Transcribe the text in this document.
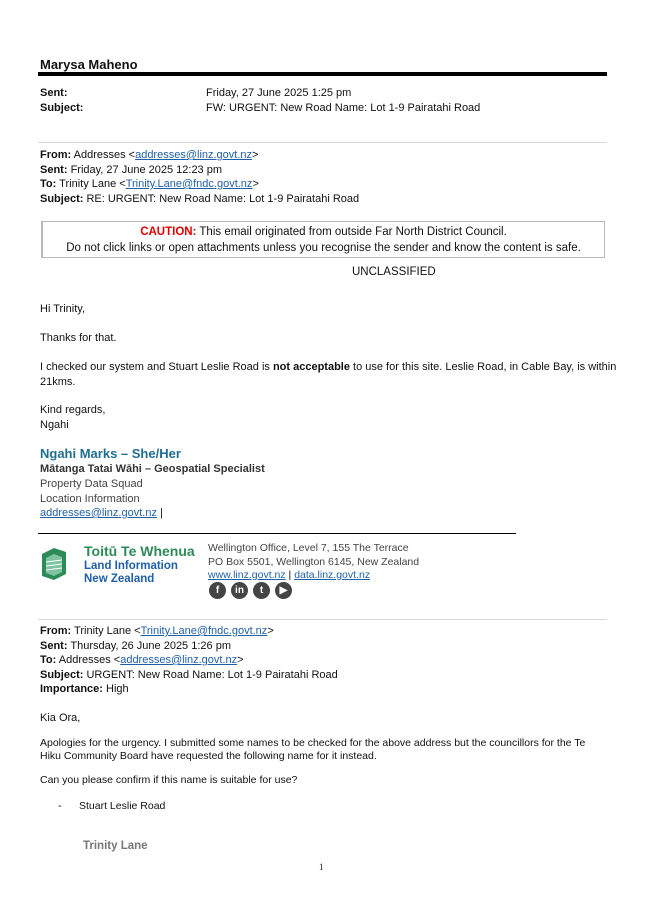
Marysa Maheno
Sent:	Friday, 27 June 2025 1:25 pm
Subject:	FW: URGENT: New Road Name: Lot 1-9 Pairatahi Road
From: Addresses <addresses@linz.govt.nz>
Sent: Friday, 27 June 2025 12:23 pm
To: Trinity Lane <Trinity.Lane@fndc.govt.nz>
Subject: RE: URGENT: New Road Name: Lot 1-9 Pairatahi Road
CAUTION: This email originated from outside Far North District Council.
Do not click links or open attachments unless you recognise the sender and know the content is safe.
UNCLASSIFIED
Hi Trinity,
Thanks for that.
I checked our system and Stuart Leslie Road is not acceptable to use for this site. Leslie Road, in Cable Bay, is within
21kms.
Kind regards,
Ngahi
Ngahi Marks – She/Her
Mātanga Tatai Wāhi – Geospatial Specialist
Property Data Squad
Location Information
addresses@linz.govt.nz |
Toitū Te Whenua
Land Information
New Zealand
Wellington Office, Level 7, 155 The Terrace
PO Box 5501, Wellington 6145, New Zealand
www.linz.govt.nz | data.linz.govt.nz
f in t ▶
From: Trinity Lane <Trinity.Lane@fndc.govt.nz>
Sent: Thursday, 26 June 2025 1:26 pm
To: Addresses <addresses@linz.govt.nz>
Subject: URGENT: New Road Name: Lot 1-9 Pairatahi Road
Importance: High
Kia Ora,
Apologies for the urgency. I submitted some names to be checked for the above address but the councillors for the Te
Hiku Community Board have requested the following name for it instead.
Can you please confirm if this name is suitable for use?
- Stuart Leslie Road
Trinity Lane
1
